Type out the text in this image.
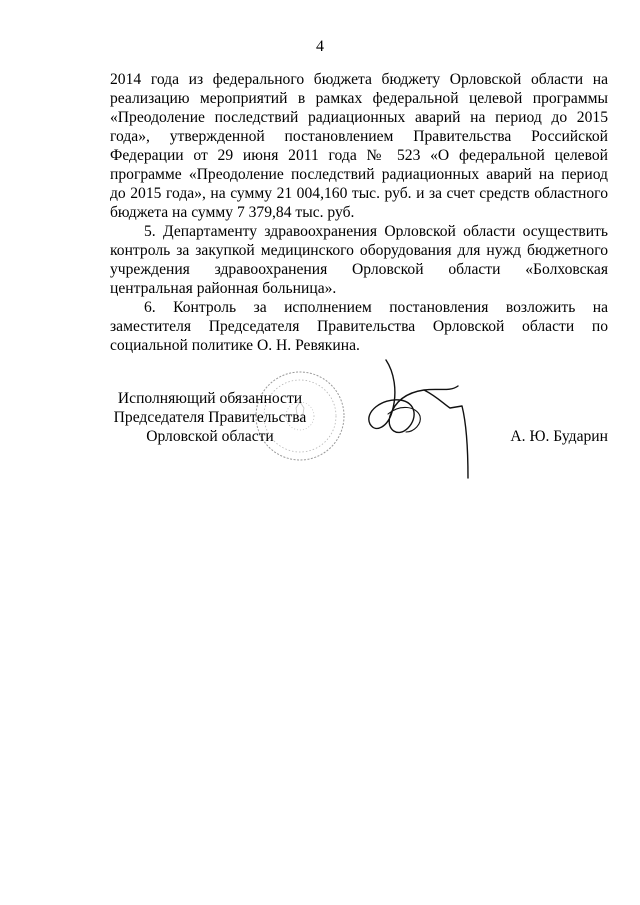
4

2014 года из федерального бюджета бюджету Орловской области на реализацию мероприятий в рамках федеральной целевой программы «Преодоление последствий радиационных аварий на период до 2015 года», утвержденной постановлением Правительства Российской Федерации от 29 июня 2011 года № 523 «О федеральной целевой программе «Преодоление последствий радиационных аварий на период до 2015 года», на сумму 21 004,160 тыс. руб. и за счет средств областного бюджета на сумму 7 379,84 тыс. руб.

5. Департаменту здравоохранения Орловской области осуществить контроль за закупкой медицинского оборудования для нужд бюджетного учреждения здравоохранения Орловской области «Болховская центральная районная больница».

6. Контроль за исполнением постановления возложить на заместителя Председателя Правительства Орловской области по социальной политике О. Н. Ревякина.

Исполняющий обязанности
Председателя Правительства
Орловской области	А. Ю. Бударин
